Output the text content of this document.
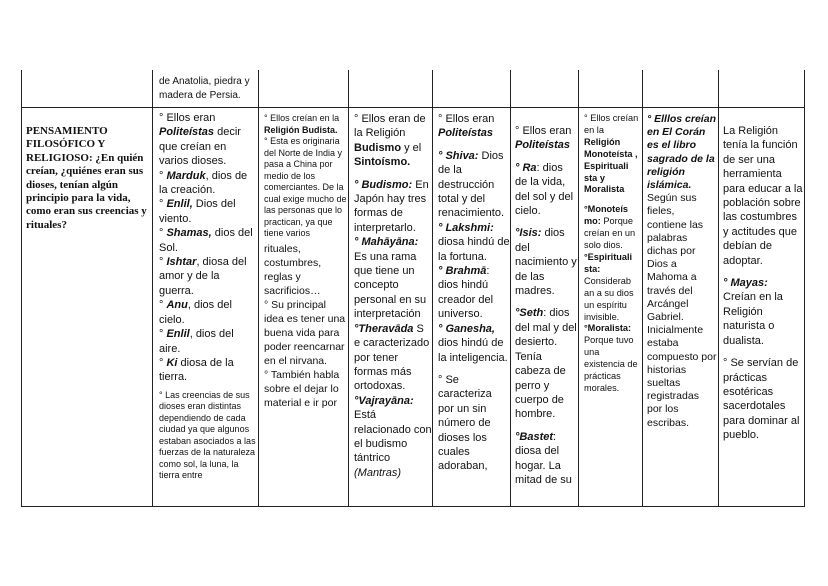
de Anatolia, piedra y madera de Persia.

PENSAMIENTO FILOSÓFICO Y RELIGIOSO: ¿En quién creían, ¿quiénes eran sus dioses, tenían algún principio para la vida, como eran sus creencias y rituales?

° Ellos eran Politeístas decir que creían en varios dioses.

° Marduk, dios de la creación.

° Enlil, Dios del viento.

° Shamas, dios del Sol.

° Ishtar, diosa del amor y de la guerra.

° Anu, dios del cielo.

° Enlil, dios del aire.

° Ki diosa de la tierra.

° Las creencias de sus dioses eran distintas dependiendo de cada ciudad ya que algunos estaban asociados a las fuerzas de la naturaleza como sol, la luna, la tierra entre

° Ellos creían en la Religión Budista.

° Esta es originaria del Norte de India y pasa a China por medio de los comerciantes. De la cual exige mucho de las personas que lo practican, ya que tiene varios

rituales, costumbres, reglas y sacrificios…

° Su principal idea es tener una buena vida para poder reencarnar en el nirvana.

° También habla sobre el dejar lo material e ir por

° Ellos eran de la Religión Budismo y el Sintoísmo.

° Budismo: En Japón hay tres formas de interpretarlo.

° Mahāyāna: Es una rama que tiene un concepto personal en su interpretación

°Theravāda S e caracterizado por tener formas más ortodoxas.

°Vajrayāna: Está relacionado con el budismo tántrico (Mantras)

° Ellos eran

Politeístas

° Shiva: Dios de la destrucción total y del renacimiento.

° Lakshmi: diosa hindú de la fortuna.

° Brahmā: dios hindú creador del universo.

° Ganesha, dios hindú de la inteligencia.

° Se caracteriza por un sin número de dioses los cuales adoraban,

° Ellos eran

Politeístas

° Ra: dios de la vida, del sol y del cielo.

°Isis: dios del nacimiento y de las madres.

°Seth: dios del mal y del desierto. Tenía cabeza de perro y cuerpo de hombre.

°Bastet: diosa del hogar. La mitad de su

° Ellos creían en la Religión Monoteísta , Espirituali sta y Moralista

°Monoteís mo: Porque creían en un solo dios.

°Espirituali sta: Considerab an a su dios un espíritu invisible.

°Moralista: Porque tuvo una existencia de prácticas morales.

° Elllos creían en El Corán es el libro sagrado de la religión islámica. Según sus fieles, contiene las palabras dichas por Dios a Mahoma a través del Arcángel Gabriel. Inicialmente estaba compuesto por historias sueltas registradas por los escribas.

La Religión tenía la función de ser una herramienta para educar a la población sobre las costumbres y actitudes que debían de adoptar.

° Mayas: Creían en la Religión naturista o dualista.

° Se servían de prácticas esotéricas sacerdotales para dominar al pueblo.
